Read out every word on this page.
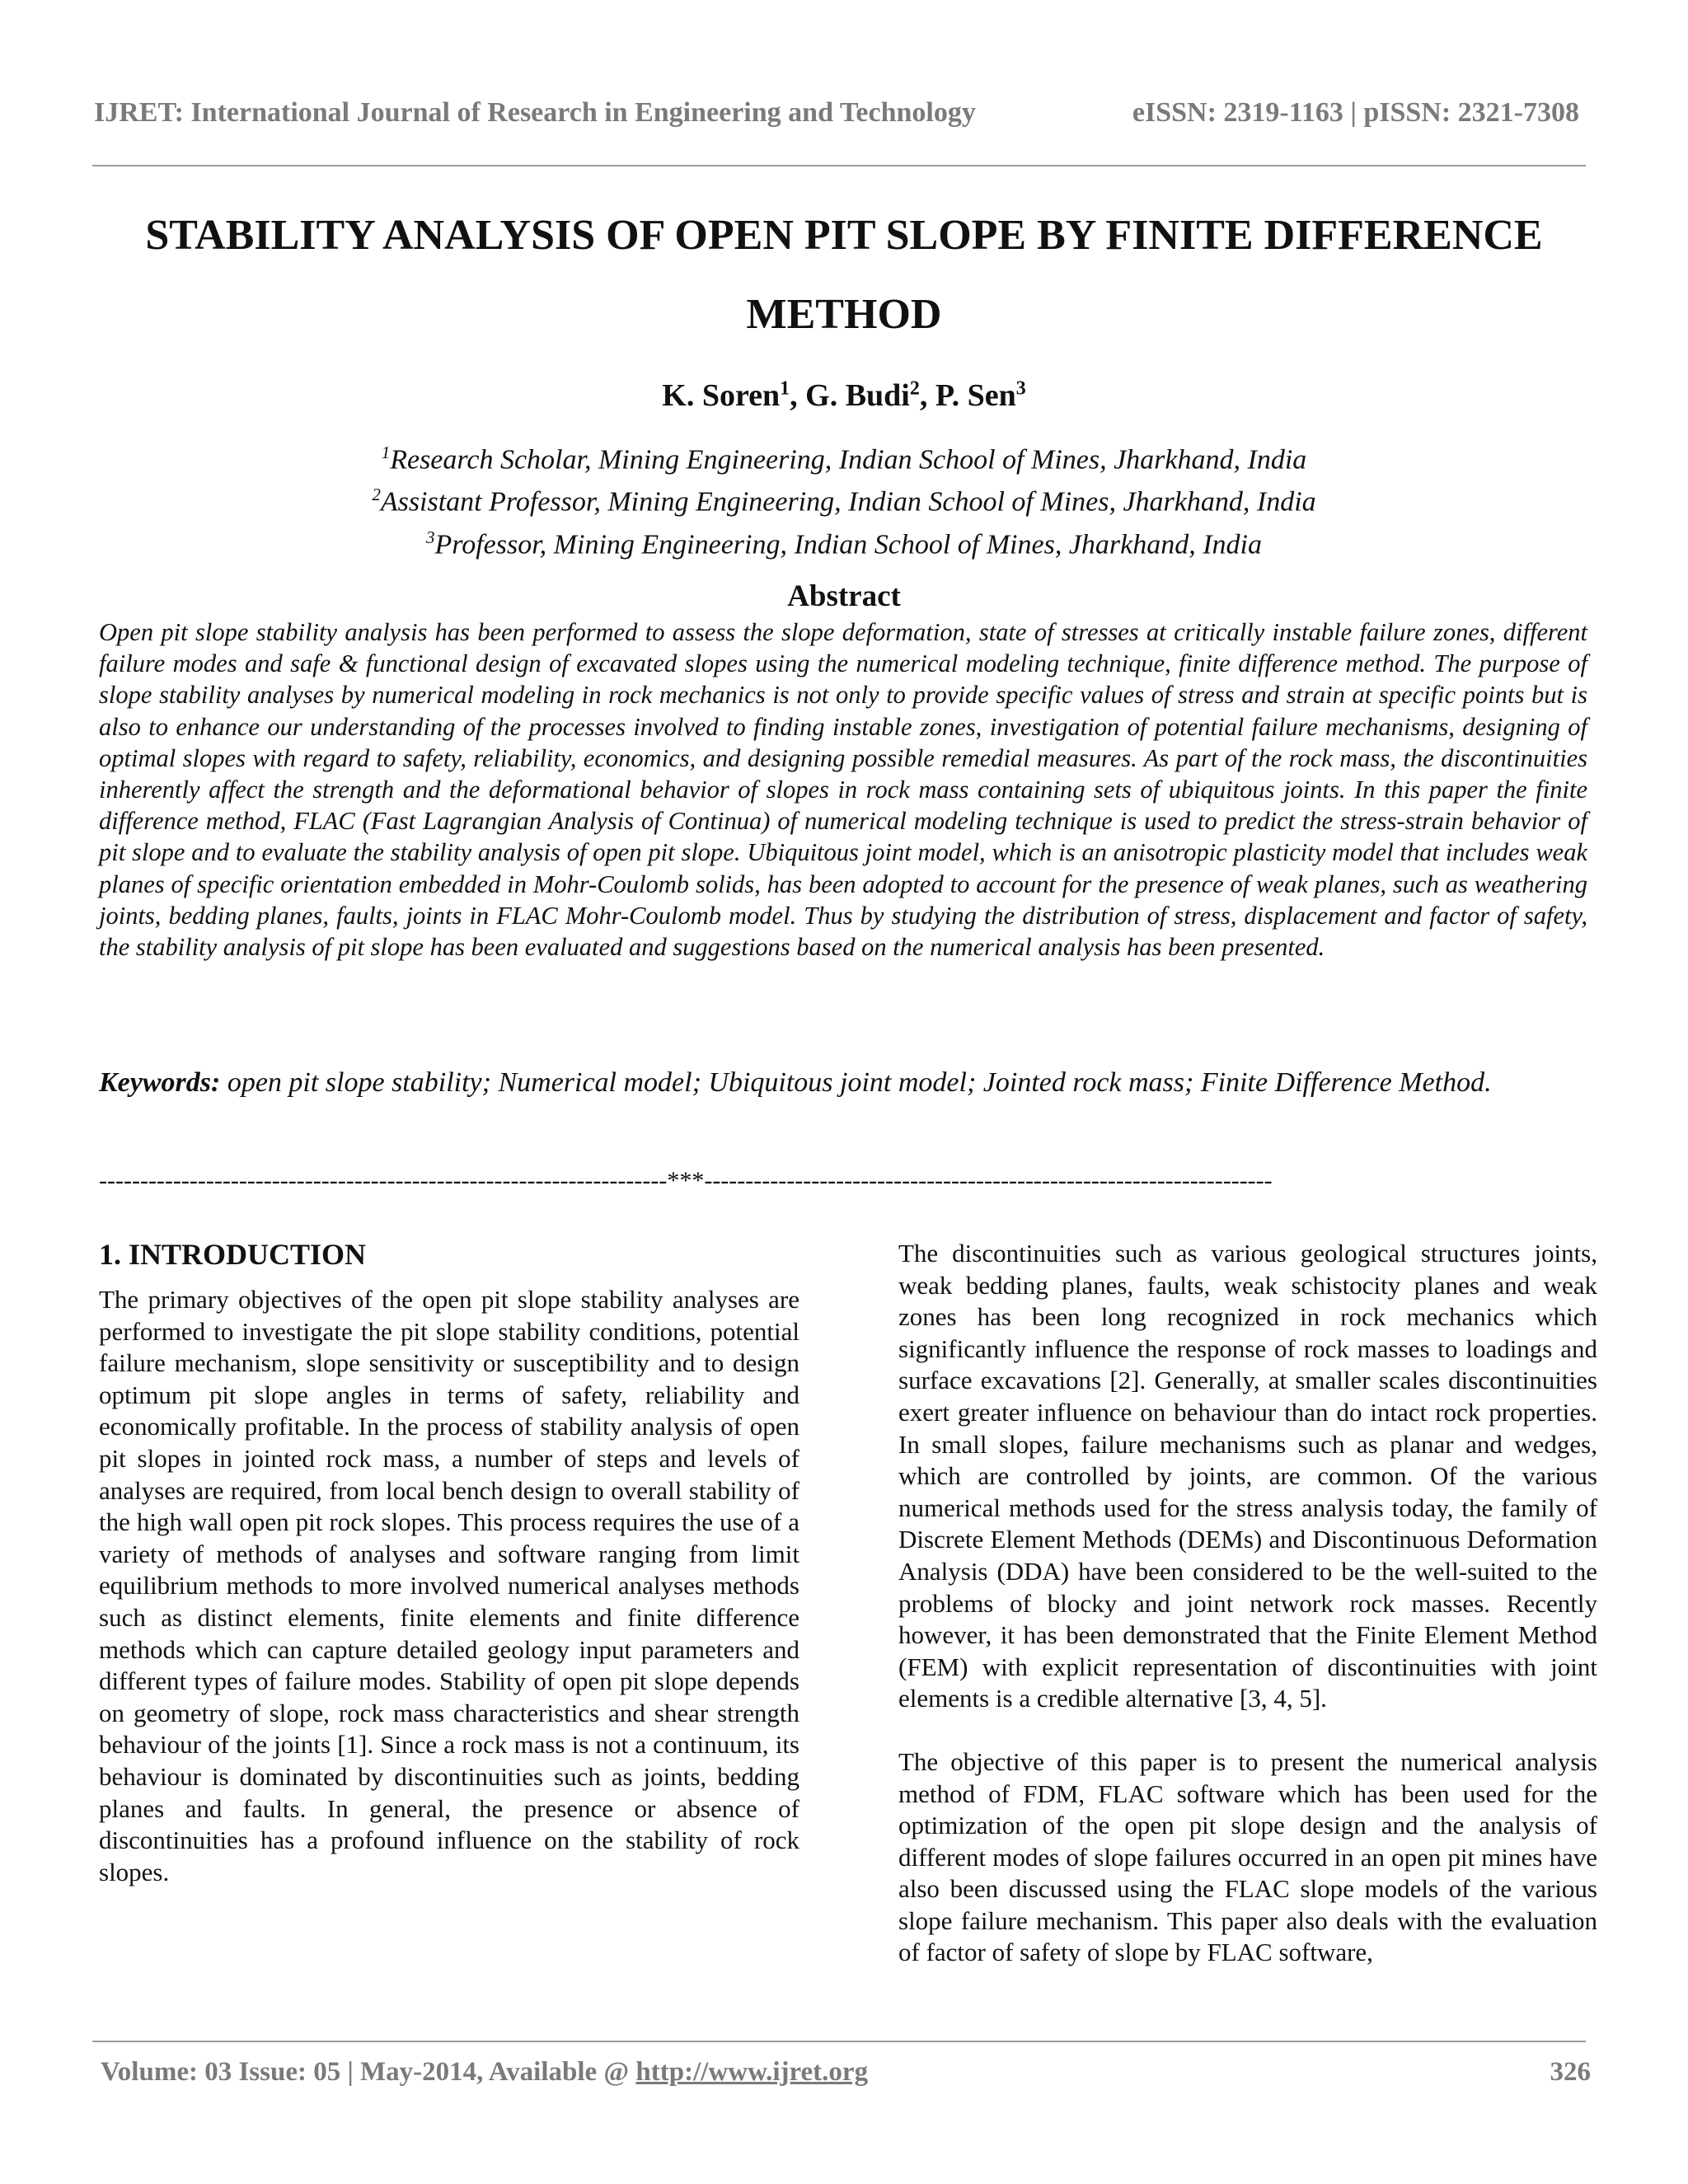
IJRET: International Journal of Research in Engineering and Technology	eISSN: 2319-1163 | pISSN: 2321-7308
STABILITY ANALYSIS OF OPEN PIT SLOPE BY FINITE DIFFERENCE METHOD
K. Soren$^1$, G. Budi$^2$, P. Sen$^3$
$^1$Research Scholar, Mining Engineering, Indian School of Mines, Jharkhand, India
$^2$Assistant Professor, Mining Engineering, Indian School of Mines, Jharkhand, India
$^3$Professor, Mining Engineering, Indian School of Mines, Jharkhand, India
Abstract
Open pit slope stability analysis has been performed to assess the slope deformation, state of stresses at critically instable failure zones, different failure modes and safe & functional design of excavated slopes using the numerical modeling technique, finite difference method. The purpose of slope stability analyses by numerical modeling in rock mechanics is not only to provide specific values of stress and strain at specific points but is also to enhance our understanding of the processes involved to finding instable zones, investigation of potential failure mechanisms, designing of optimal slopes with regard to safety, reliability, economics, and designing possible remedial measures. As part of the rock mass, the discontinuities inherently affect the strength and the deformational behavior of slopes in rock mass containing sets of ubiquitous joints. In this paper the finite difference method, FLAC (Fast Lagrangian Analysis of Continua) of numerical modeling technique is used to predict the stress-strain behavior of pit slope and to evaluate the stability analysis of open pit slope. Ubiquitous joint model, which is an anisotropic plasticity model that includes weak planes of specific orientation embedded in Mohr-Coulomb solids, has been adopted to account for the presence of weak planes, such as weathering joints, bedding planes, faults, joints in FLAC Mohr-Coulomb model. Thus by studying the distribution of stress, displacement and factor of safety, the stability analysis of pit slope has been evaluated and suggestions based on the numerical analysis has been presented.
Keywords: open pit slope stability; Numerical model; Ubiquitous joint model; Jointed rock mass; Finite Difference Method.
---------------------------------------------------------------------***---------------------------------------------------------------------
1. INTRODUCTION

The primary objectives of the open pit slope stability analyses are performed to investigate the pit slope stability conditions, potential failure mechanism, slope sensitivity or susceptibility and to design optimum pit slope angles in terms of safety, reliability and economically profitable. In the process of stability analysis of open pit slopes in jointed rock mass, a number of steps and levels of analyses are required, from local bench design to overall stability of the high wall open pit rock slopes. This process requires the use of a variety of methods of analyses and software ranging from limit equilibrium methods to more involved numerical analyses methods such as distinct elements, finite elements and finite difference methods which can capture detailed geology input parameters and different types of failure modes. Stability of open pit slope depends on geometry of slope, rock mass characteristics and shear strength behaviour of the joints [1]. Since a rock mass is not a continuum, its behaviour is dominated by discontinuities such as joints, bedding planes and faults. In general, the presence or absence of discontinuities has a profound influence on the stability of rock slopes.

The discontinuities such as various geological structures joints, weak bedding planes, faults, weak schistocity planes and weak zones has been long recognized in rock mechanics which significantly influence the response of rock masses to loadings and surface excavations [2]. Generally, at smaller scales discontinuities exert greater influence on behaviour than do intact rock properties. In small slopes, failure mechanisms such as planar and wedges, which are controlled by joints, are common. Of the various numerical methods used for the stress analysis today, the family of Discrete Element Methods (DEMs) and Discontinuous Deformation Analysis (DDA) have been considered to be the well-suited to the problems of blocky and joint network rock masses. Recently however, it has been demonstrated that the Finite Element Method (FEM) with explicit representation of discontinuities with joint elements is a credible alternative [3, 4, 5].

The objective of this paper is to present the numerical analysis method of FDM, FLAC software which has been used for the optimization of the open pit slope design and the analysis of different modes of slope failures occurred in an open pit mines have also been discussed using the FLAC slope models of the various slope failure mechanism. This paper also deals with the evaluation of factor of safety of slope by FLAC software,

Volume: 03 Issue: 05 | May-2014, Available @ http://www.ijret.org	326
